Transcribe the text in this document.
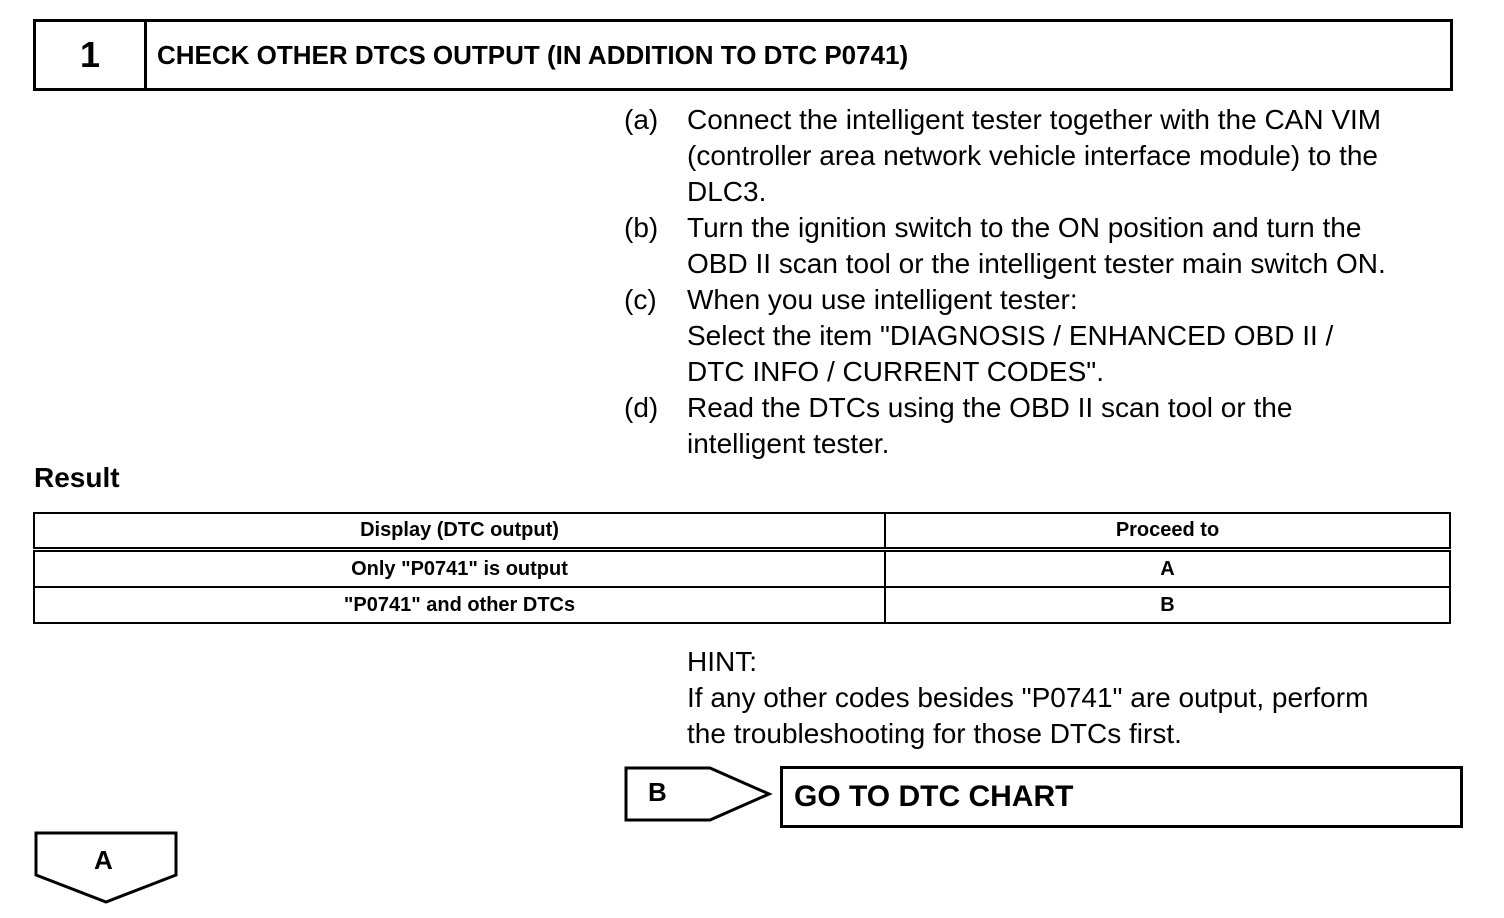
1	CHECK OTHER DTCS OUTPUT (IN ADDITION TO DTC P0741)
(a)	Connect the intelligent tester together with the CAN VIM
(controller area network vehicle interface module) to the
DLC3.
(b)	Turn the ignition switch to the ON position and turn the
OBD II scan tool or the intelligent tester main switch ON.
(c)	When you use intelligent tester:
Select the item "DIAGNOSIS / ENHANCED OBD II /
DTC INFO / CURRENT CODES".
(d)	Read the DTCs using the OBD II scan tool or the
intelligent tester.
Result
Display (DTC output)	Proceed to
Only "P0741" is output	A
"P0741" and other DTCs	B
HINT:
If any other codes besides "P0741" are output, perform
the troubleshooting for those DTCs first.
B	GO TO DTC CHART
A
